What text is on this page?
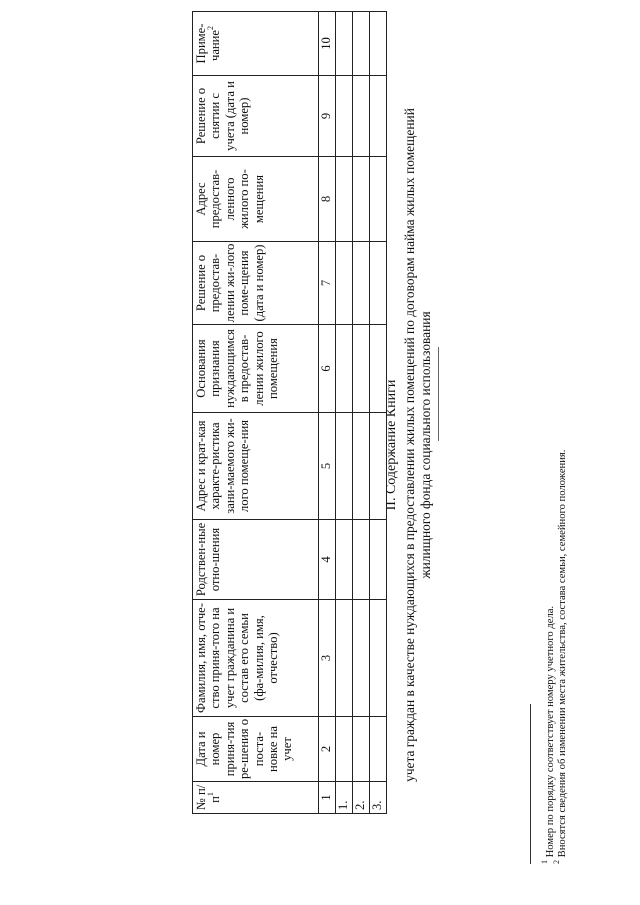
II. Содержание Книги учета граждан в качестве нуждающихся в предоставлении жилых помещений по договорам найма жилых помещений жилищного фонда социального использования
№ $п/п^1$	Дата и номер приня-тия ре-шения о поста-новке на учет	Фамилия, имя, отче-ство приня-того на учет гражданина и состав его семьи (фа-милия, имя, отчество)	Родствен-ные отно-шения	Адрес и крат-кая характе-ристика зани-маемого жи-лого помеще-ния	Основания признания нуждающимся в предостав-лении жилого помещения	Решение о предостав-лении жи-лого поме-щения (дата и номер)	Адрес предостав-ленного жилого по-мещения	Решение о снятии с учета (дата и номер)	Приме-чание$^2$

1	2	3	4	5	6	7	8	9	10
1.									
2.									
3.									
$^1$ Номер по порядку соответствует номеру учетного дела.
$^2$ Вносятся сведения об изменении места жительства, состава семьи, семейного положения.
